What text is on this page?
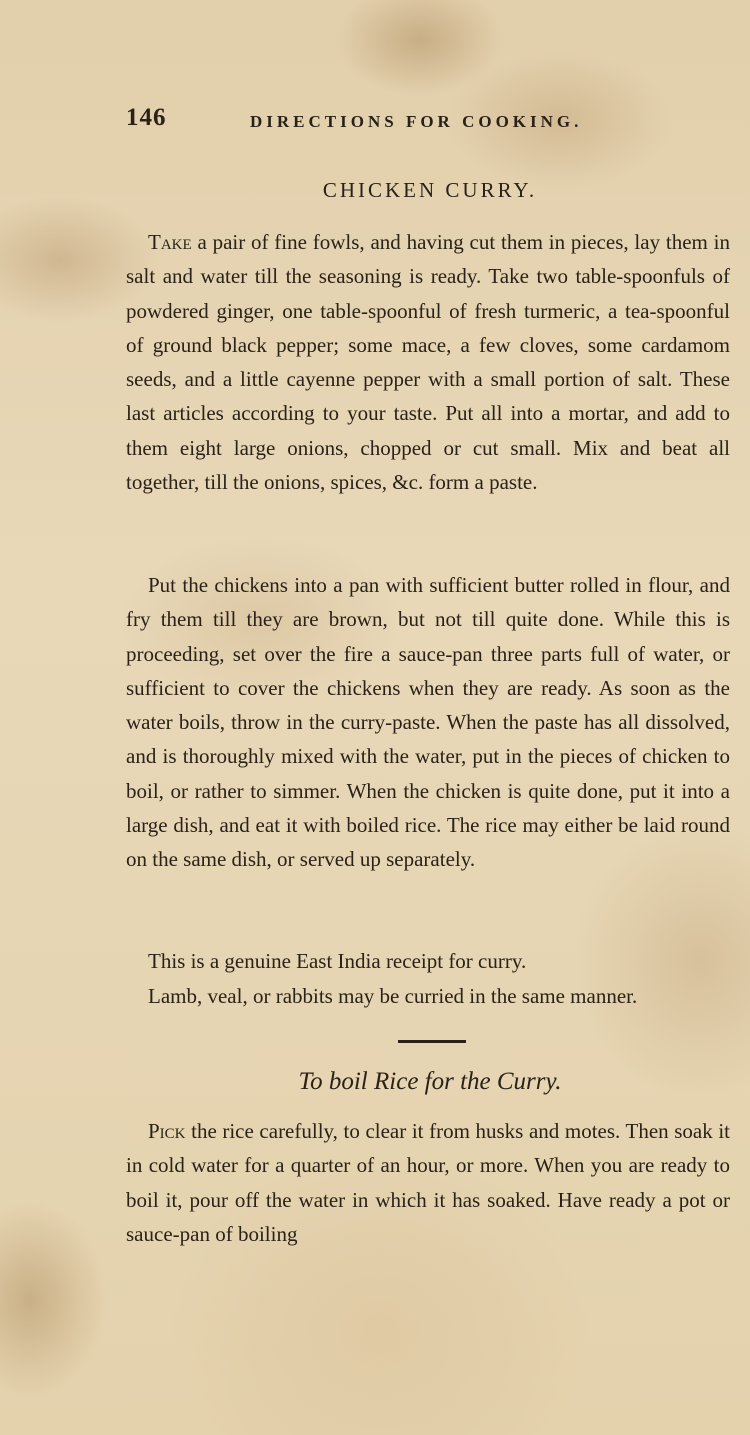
146	DIRECTIONS FOR COOKING.
CHICKEN CURRY.

Take a pair of fine fowls, and having cut them in pieces, lay them in salt and water till the seasoning is ready. Take two table-spoonfuls of powdered ginger, one table-spoonful of fresh turmeric, a tea-spoonful of ground black pepper; some mace, a few cloves, some cardamom seeds, and a little cayenne pepper with a small portion of salt. These last articles according to your taste. Put all into a mortar, and add to them eight large onions, chopped or cut small. Mix and beat all together, till the onions, spices, &c. form a paste.

Put the chickens into a pan with sufficient butter rolled in flour, and fry them till they are brown, but not till quite done. While this is proceeding, set over the fire a sauce-pan three parts full of water, or sufficient to cover the chickens when they are ready. As soon as the water boils, throw in the curry-paste. When the paste has all dissolved, and is thoroughly mixed with the water, put in the pieces of chicken to boil, or rather to simmer. When the chicken is quite done, put it into a large dish, and eat it with boiled rice. The rice may either be laid round on the same dish, or served up separately.

This is a genuine East India receipt for curry.

Lamb, veal, or rabbits may be curried in the same manner.

To boil Rice for the Curry.

Pick the rice carefully, to clear it from husks and motes. Then soak it in cold water for a quarter of an hour, or more. When you are ready to boil it, pour off the water in which it has soaked. Have ready a pot or sauce-pan of boiling
